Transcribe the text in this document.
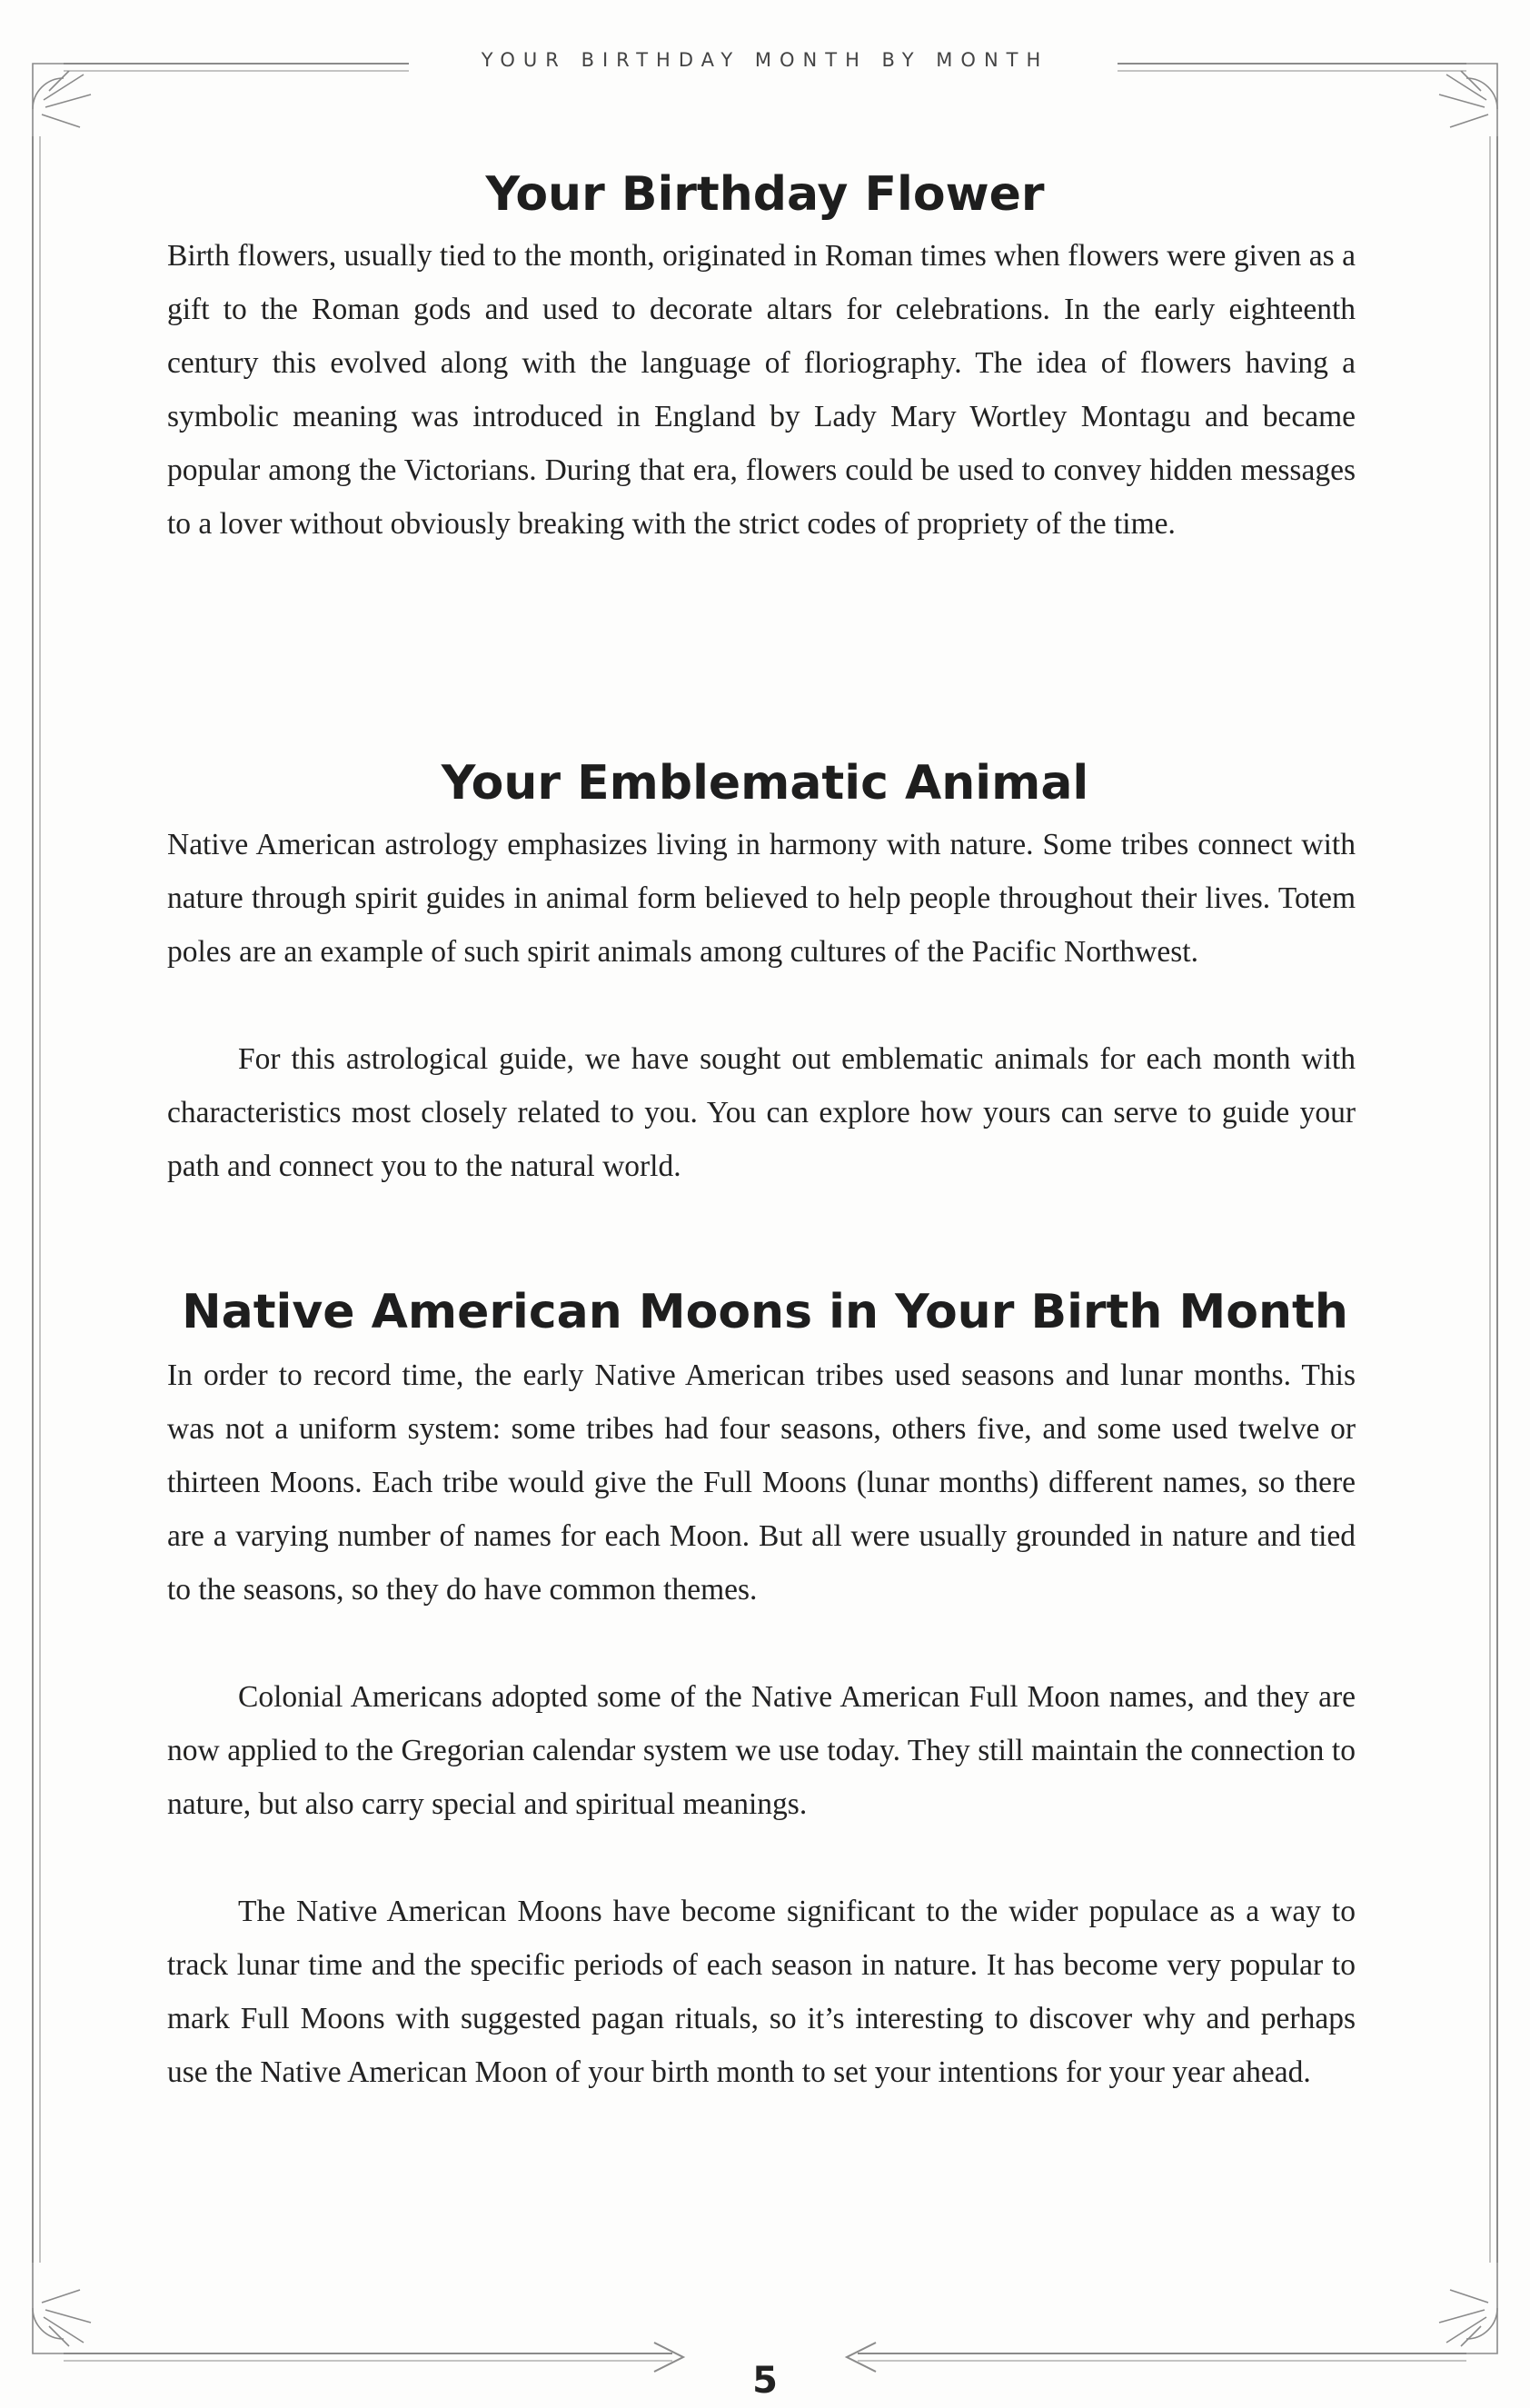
YOUR BIRTHDAY MONTH BY MONTH
Your Birthday Flower

Birth flowers, usually tied to the month, originated in Roman times when flowers were given as a gift to the Roman gods and used to decorate altars for celebrations. In the early eighteenth century this evolved along with the language of floriography. The idea of flowers having a symbolic meaning was introduced in England by Lady Mary Wortley Montagu and became popular among the Victorians. During that era, flowers could be used to convey hidden messages to a lover without obviously breaking with the strict codes of propriety of the time.

Your Emblematic Animal

Native American astrology emphasizes living in harmony with nature. Some tribes connect with nature through spirit guides in animal form believed to help people throughout their lives. Totem poles are an example of such spirit animals among cultures of the Pacific Northwest.

For this astrological guide, we have sought out emblematic animals for each month with characteristics most closely related to you. You can explore how yours can serve to guide your path and connect you to the natural world.

Native American Moons in Your Birth Month

In order to record time, the early Native American tribes used seasons and lunar months. This was not a uniform system: some tribes had four seasons, others five, and some used twelve or thirteen Moons. Each tribe would give the Full Moons (lunar months) different names, so there are a varying number of names for each Moon. But all were usually grounded in nature and tied to the seasons, so they do have common themes.

Colonial Americans adopted some of the Native American Full Moon names, and they are now applied to the Gregorian calendar system we use today. They still maintain the connection to nature, but also carry special and spiritual meanings.

The Native American Moons have become significant to the wider populace as a way to track lunar time and the specific periods of each season in nature. It has become very popular to mark Full Moons with suggested pagan rituals, so it’s interesting to discover why and perhaps use the Native American Moon of your birth month to set your intentions for your year ahead.

5
